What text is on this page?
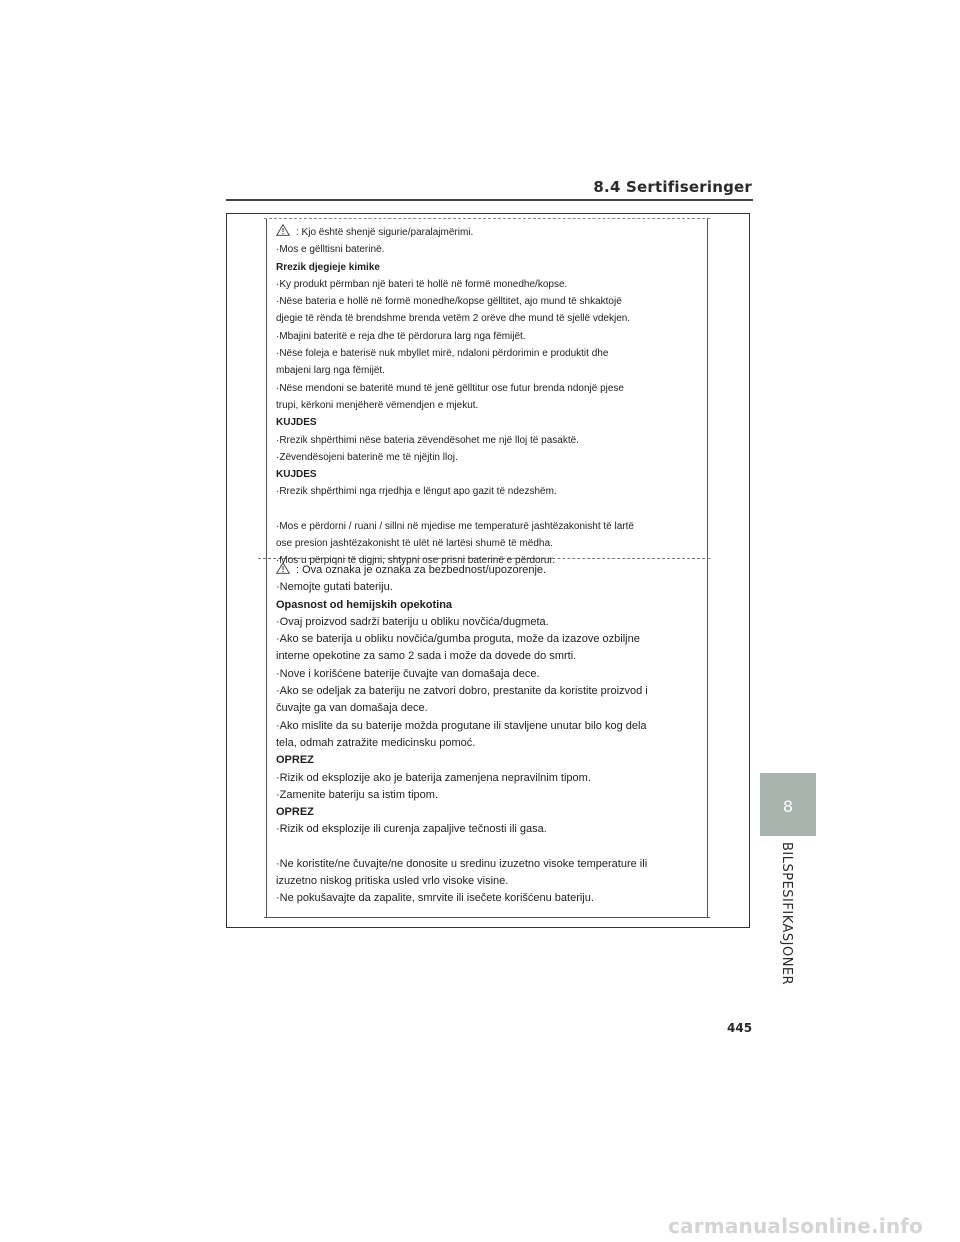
8.4 Sertifiseringer
: Kjo është shenjë sigurie/paralajmërimi.
·Mos e gëlltisni baterinë.
Rrezik djegieje kimike
·Ky produkt përmban një bateri të hollë në formë monedhe/kopse.
·Nëse bateria e hollë në formë monedhe/kopse gëlltitet, ajo mund të shkaktojë
djegie të rënda të brendshme brenda vetëm 2 orëve dhe mund të sjellë vdekjen.
·Mbajini bateritë e reja dhe të përdorura larg nga fëmijët.
·Nëse foleja e baterisë nuk mbyllet mirë, ndaloni përdorimin e produktit dhe
mbajeni larg nga fëmijët.
·Nëse mendoni se bateritë mund të jenë gëlltitur ose futur brenda ndonjë pjese
trupi, kërkoni menjëherë vëmendjen e mjekut.
KUJDES
·Rrezik shpërthimi nëse bateria zëvendësohet me një lloj të pasaktë.
·Zëvendësojeni baterinë me të njëjtin lloj.
KUJDES
·Rrezik shpërthimi nga rrjedhja e lëngut apo gazit të ndezshëm.
·Mos e përdorni / ruani / sillni në mjedise me temperaturë jashtëzakonisht të lartë
ose presion jashtëzakonisht të ulët në lartësi shumë të mëdha.
·Mos u përpiqni të digjni, shtypni ose prisni baterinë e përdorur.
: Ova oznaka je oznaka za bezbednost/upozorenje.
·Nemojte gutati bateriju.
Opasnost od hemijskih opekotina
·Ovaj proizvod sadrži bateriju u obliku novčića/dugmeta.
·Ako se baterija u obliku novčića/gumba proguta, može da izazove ozbiljne
interne opekotine za samo 2 sada i može da dovede do smrti.
·Nove i korišćene baterije čuvajte van domašaja dece.
·Ako se odeljak za bateriju ne zatvori dobro, prestanite da koristite proizvod i
čuvajte ga van domašaja dece.
·Ako mislite da su baterije možda progutane ili stavljene unutar bilo kog dela
tela, odmah zatražite medicinsku pomoć.
OPREZ
·Rizik od eksplozije ako je baterija zamenjena nepravilnim tipom.
·Zamenite bateriju sa istim tipom.
OPREZ
·Rizik od eksplozije ili curenja zapaljive tečnosti ili gasa.
·Ne koristite/ne čuvajte/ne donosite u sredinu izuzetno visoke temperature ili
izuzetno niskog pritiska usled vrlo visoke visine.
·Ne pokušavajte da zapalite, smrvite ili isečete korišćenu bateriju.
8
BILSPESIFIKASJONER
445
carmanualsonline.info
